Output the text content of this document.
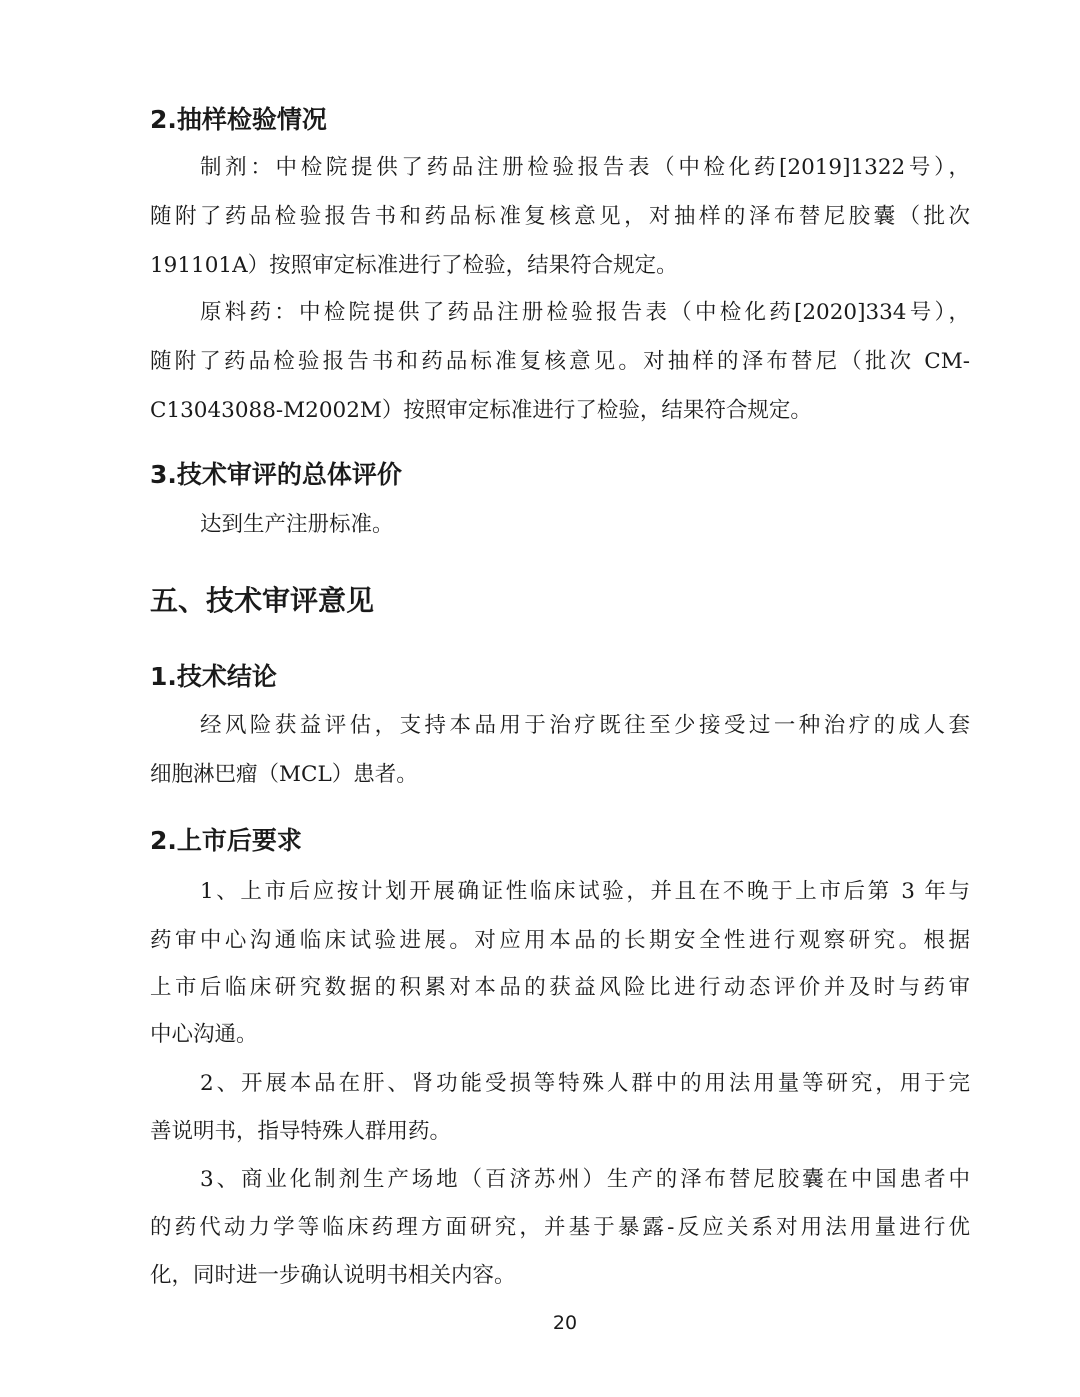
2.抽样检验情况
制剂：中检院提供了药品注册检验报告表（中检化药[2019]1322号），
随附了药品检验报告书和药品标准复核意见，对抽样的泽布替尼胶囊（批次
191101A）按照审定标准进行了检验，结果符合规定。
原料药：中检院提供了药品注册检验报告表（中检化药[2020]334号），
随附了药品检验报告书和药品标准复核意见。对抽样的泽布替尼（批次 CM-
C13043088-M2002M）按照审定标准进行了检验，结果符合规定。
3.技术审评的总体评价
达到生产注册标准。
五、技术审评意见
1.技术结论
经风险获益评估，支持本品用于治疗既往至少接受过一种治疗的成人套
细胞淋巴瘤（MCL）患者。
2.上市后要求
1、上市后应按计划开展确证性临床试验，并且在不晚于上市后第 3 年与
药审中心沟通临床试验进展。对应用本品的长期安全性进行观察研究。根据
上市后临床研究数据的积累对本品的获益风险比进行动态评价并及时与药审
中心沟通。
2、开展本品在肝、肾功能受损等特殊人群中的用法用量等研究，用于完
善说明书，指导特殊人群用药。
3、商业化制剂生产场地（百济苏州）生产的泽布替尼胶囊在中国患者中
的药代动力学等临床药理方面研究，并基于暴露-反应关系对用法用量进行优
化，同时进一步确认说明书相关内容。
20
